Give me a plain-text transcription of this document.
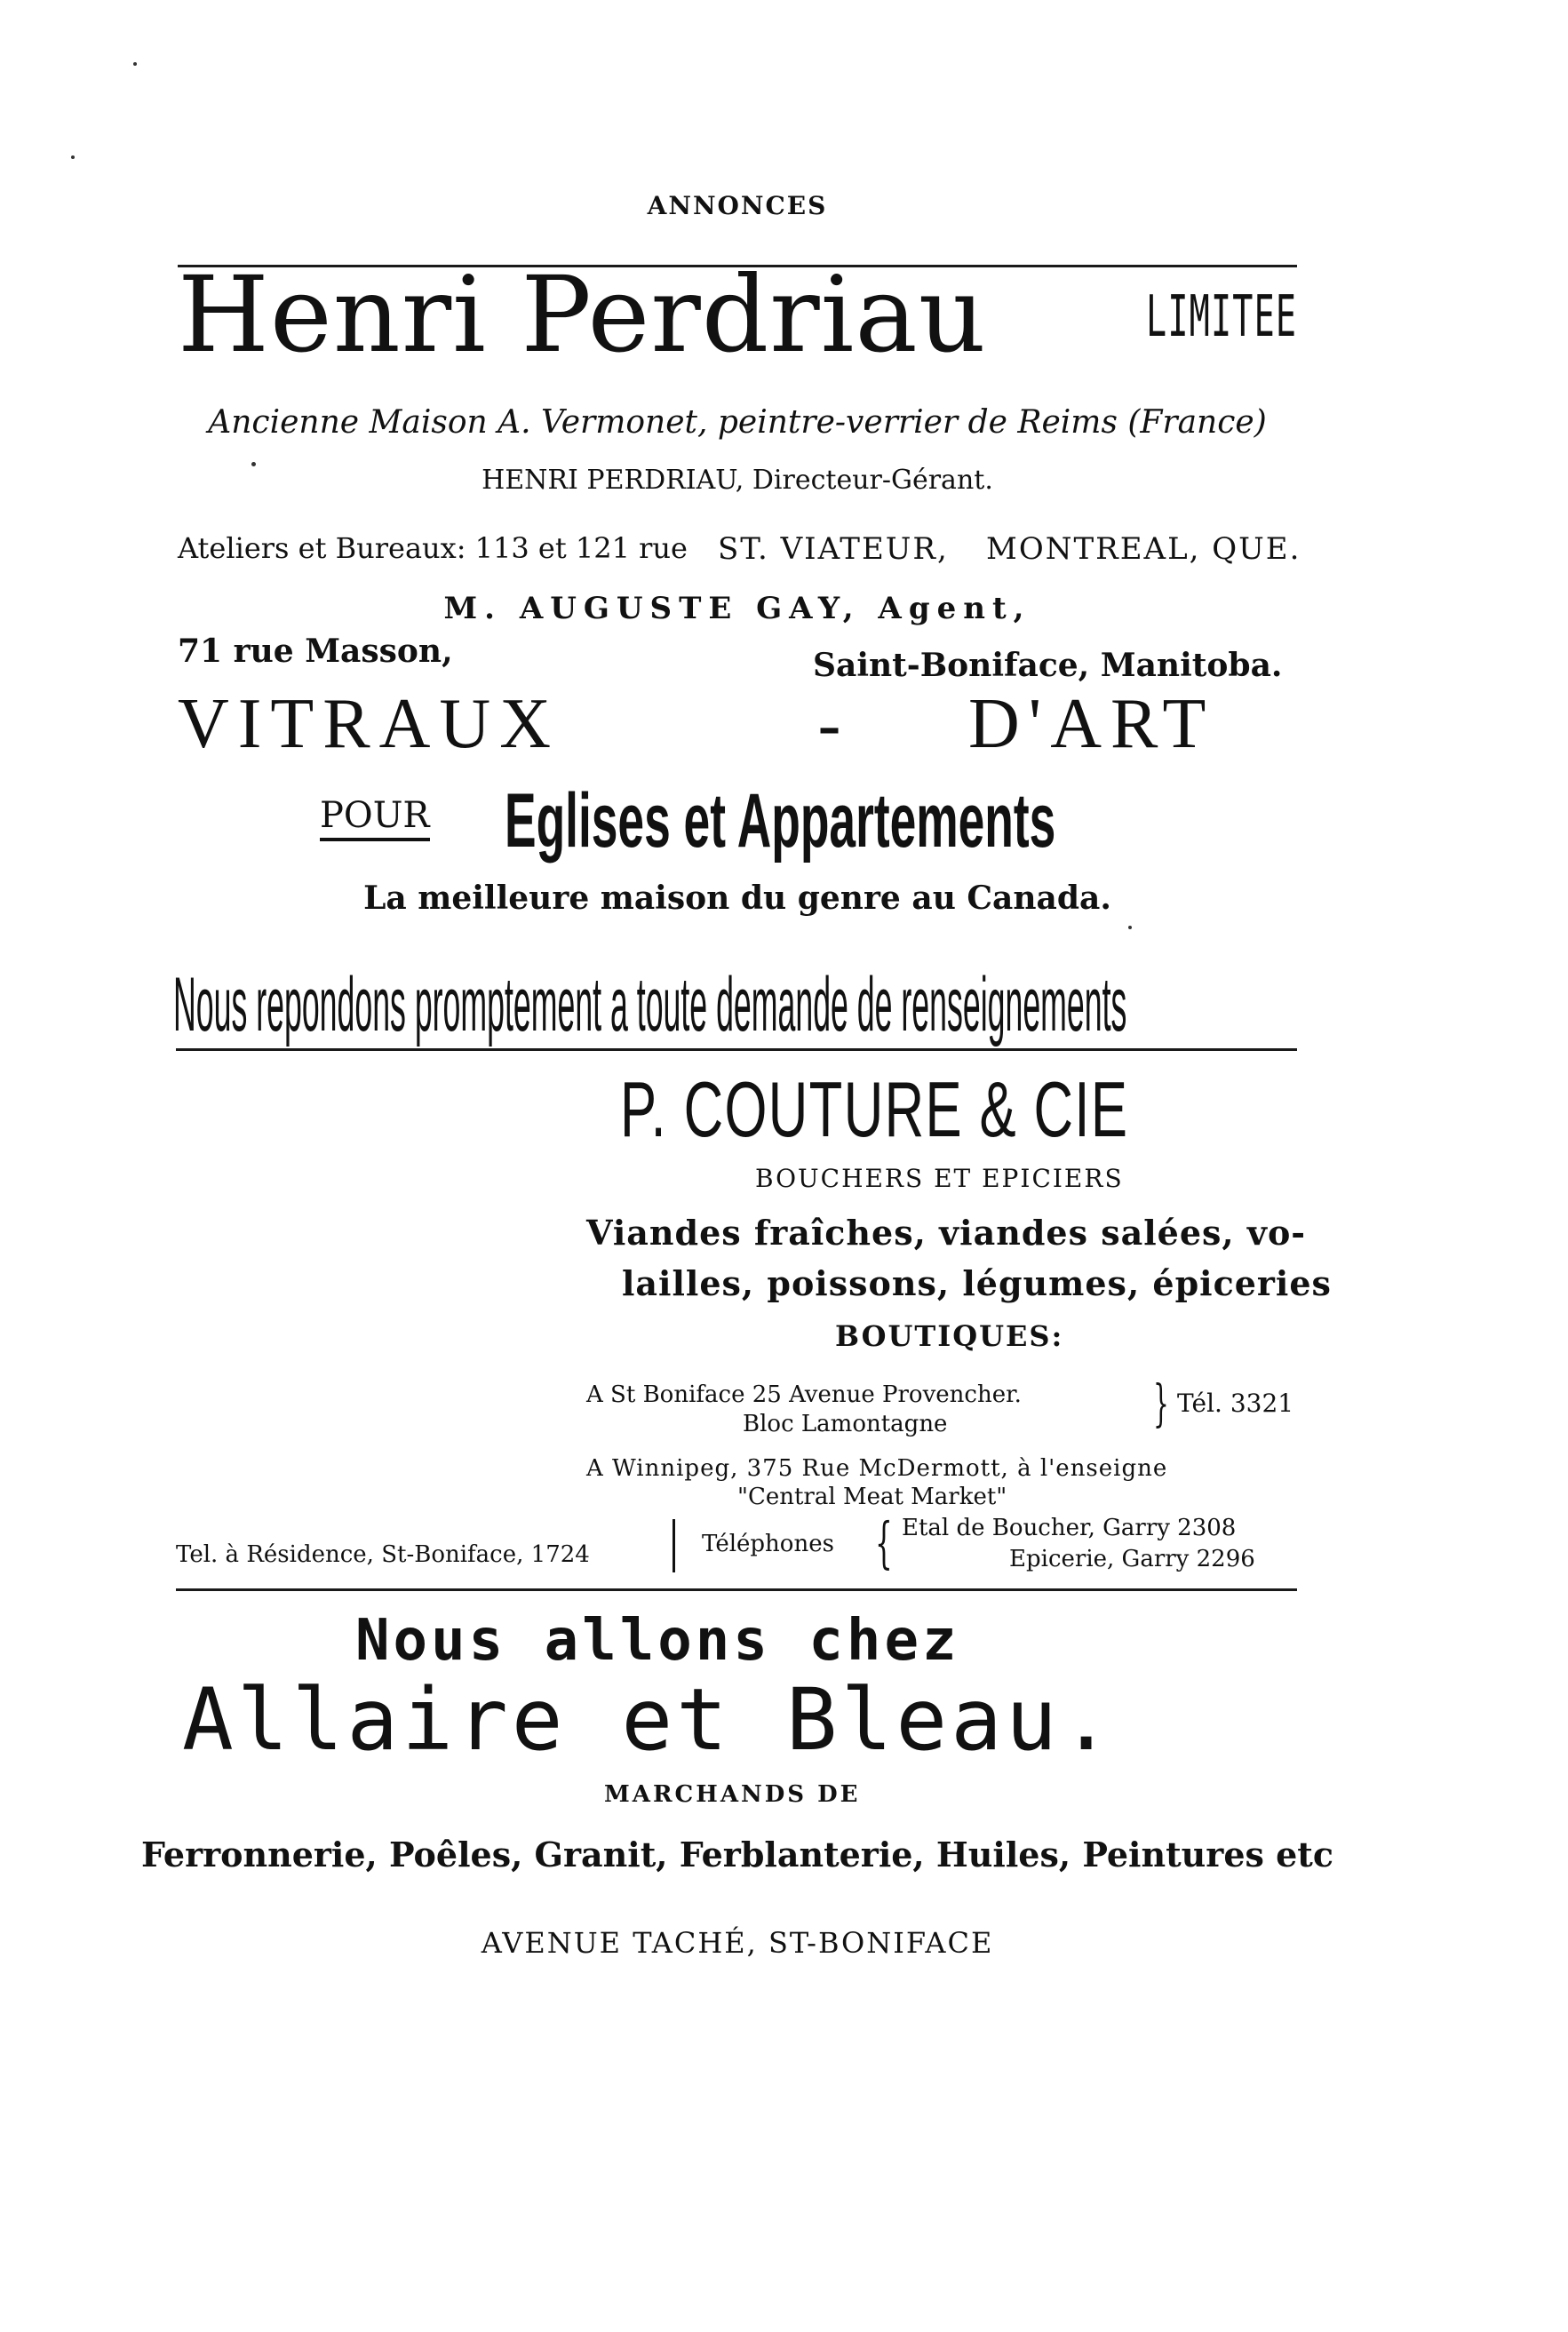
ANNONCES
Henri Perdriau	LIMITEE
Ancienne Maison A. Vermonet, peintre-verrier de Reims (France)
HENRI PERDRIAU, Directeur-Gérant.
Ateliers et Bureaux: 113 et 121 rue ST. VIATEUR, MONTREAL, QUE.
M. AUGUSTE GAY, Agent,
71 rue Masson,	Saint-Boniface, Manitoba.
VITRAUX	- D'ART
POUR Eglises et Appartements
La meilleure maison du genre au Canada.
Nous repondons promptement a toute demande de renseignements
P. COUTURE & CIE
BOUCHERS ET EPICIERS
Viandes fraîches, viandes salées, vo-
lailles, poissons, légumes, épiceries
BOUTIQUES:
A St Boniface 25 Avenue Provencher.
Bloc Lamontagne	} Tél. 3321
A Winnipeg, 375 Rue McDermott, à l'enseigne
"Central Meat Market"
Tel. à Résidence, St-Boniface, 1724	Téléphones { Etal de Boucher, Garry 2308
Epicerie, Garry 2296
Nous allons chez
Allaire et Bleau.
MARCHANDS DE
Ferronnerie, Poêles, Granit, Ferblanterie, Huiles, Peintures etc
AVENUE TACHÉ, ST-BONIFACE
